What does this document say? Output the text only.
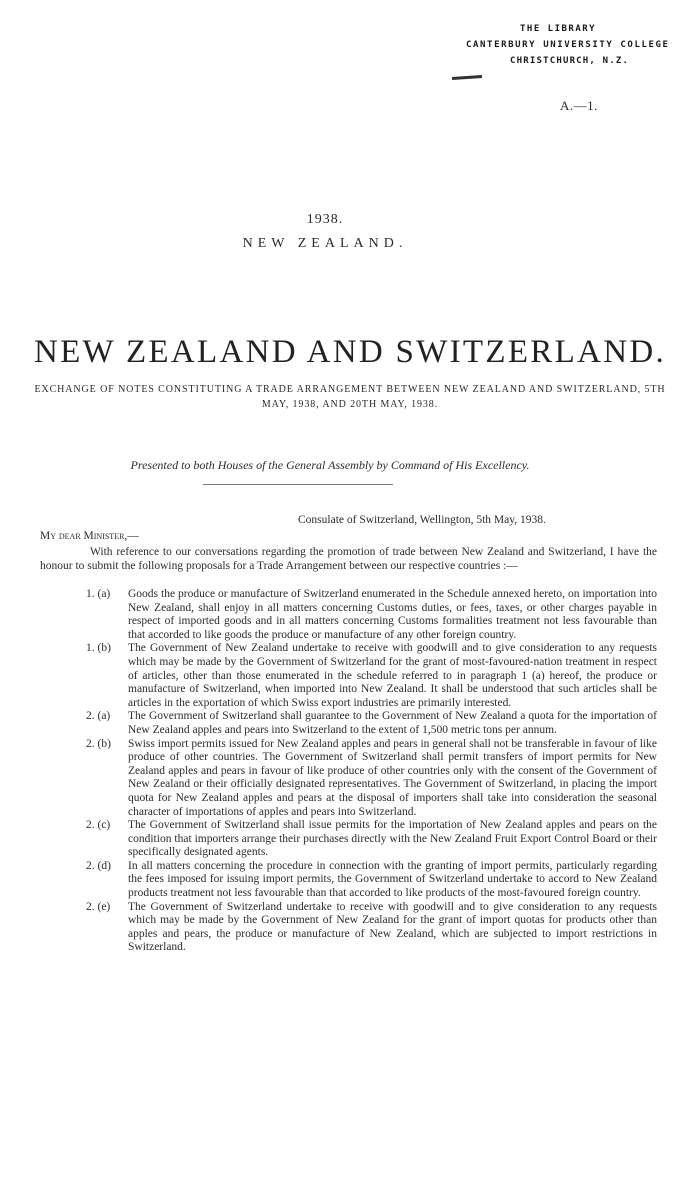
THE LIBRARY
CANTERBURY UNIVERSITY COLLEGE
CHRISTCHURCH, N.Z.
A.—1.
1938.
NEW ZEALAND.
NEW ZEALAND AND SWITZERLAND.
EXCHANGE OF NOTES CONSTITUTING A TRADE ARRANGEMENT BETWEEN NEW ZEALAND AND SWITZERLAND, 5TH MAY, 1938, AND 20TH MAY, 1938.
Presented to both Houses of the General Assembly by Command of His Excellency.
Consulate of Switzerland, Wellington, 5th May, 1938.
My dear Minister,—

With reference to our conversations regarding the promotion of trade between New Zealand and Switzerland, I have the honour to submit the following proposals for a Trade Arrangement between our respective countries :—

1. (a) Goods the produce or manufacture of Switzerland enumerated in the Schedule annexed hereto, on importation into New Zealand, shall enjoy in all matters concerning Customs duties, or fees, taxes, or other charges payable in respect of imported goods and in all matters concerning Customs formalities treatment not less favourable than that accorded to like goods the produce or manufacture of any other foreign country.

1. (b) The Government of New Zealand undertake to receive with goodwill and to give consideration to any requests which may be made by the Government of Switzerland for the grant of most-favoured-nation treatment in respect of articles, other than those enumerated in the schedule referred to in paragraph 1 (a) hereof, the produce or manufacture of Switzerland, when imported into New Zealand. It shall be understood that such articles shall be articles in the exportation of which Swiss export industries are primarily interested.

2. (a) The Government of Switzerland shall guarantee to the Government of New Zealand a quota for the importation of New Zealand apples and pears into Switzerland to the extent of 1,500 metric tons per annum.

2. (b) Swiss import permits issued for New Zealand apples and pears in general shall not be transferable in favour of like produce of other countries. The Government of Switzerland shall permit transfers of import permits for New Zealand apples and pears in favour of like produce of other countries only with the consent of the Government of New Zealand or their officially designated representatives. The Government of Switzerland, in placing the import quota for New Zealand apples and pears at the disposal of importers shall take into consideration the seasonal character of importations of apples and pears into Switzerland.

2. (c) The Government of Switzerland shall issue permits for the importation of New Zealand apples and pears on the condition that importers arrange their purchases directly with the New Zealand Fruit Export Control Board or their specifically designated agents.

2. (d) In all matters concerning the procedure in connection with the granting of import permits, particularly regarding the fees imposed for issuing import permits, the Government of Switzerland undertake to accord to New Zealand products treatment not less favourable than that accorded to like products of the most-favoured foreign country.

2. (e) The Government of Switzerland undertake to receive with goodwill and to give consideration to any requests which may be made by the Government of New Zealand for the grant of import quotas for products other than apples and pears, the produce or manufacture of New Zealand, which are subjected to import restrictions in Switzerland.
